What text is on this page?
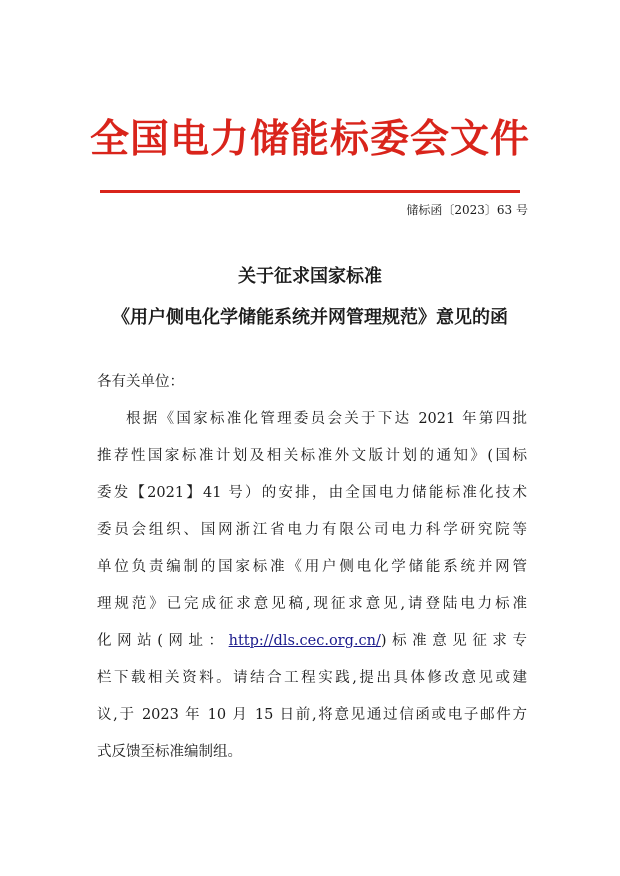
全国电力储能标委会文件
储标函〔2023〕63 号
关于征求国家标准
《用户侧电化学储能系统并网管理规范》意见的函
各有关单位：
根据《国家标准化管理委员会关于下达 2021 年第四批
推荐性国家标准计划及相关标准外文版计划的通知》(国标
委发【2021】41 号）的安排，由全国电力储能标准化技术
委员会组织、国网浙江省电力有限公司电力科学研究院等
单位负责编制的国家标准《用户侧电化学储能系统并网管
理规范》已完成征求意见稿,现征求意见,请登陆电力标准
化网站(网址：http://dls.cec.org.cn/)标准意见征求专
栏下载相关资料。请结合工程实践,提出具体修改意见或建
议,于 2023 年 10 月 15 日前,将意见通过信函或电子邮件方
式反馈至标准编制组。
